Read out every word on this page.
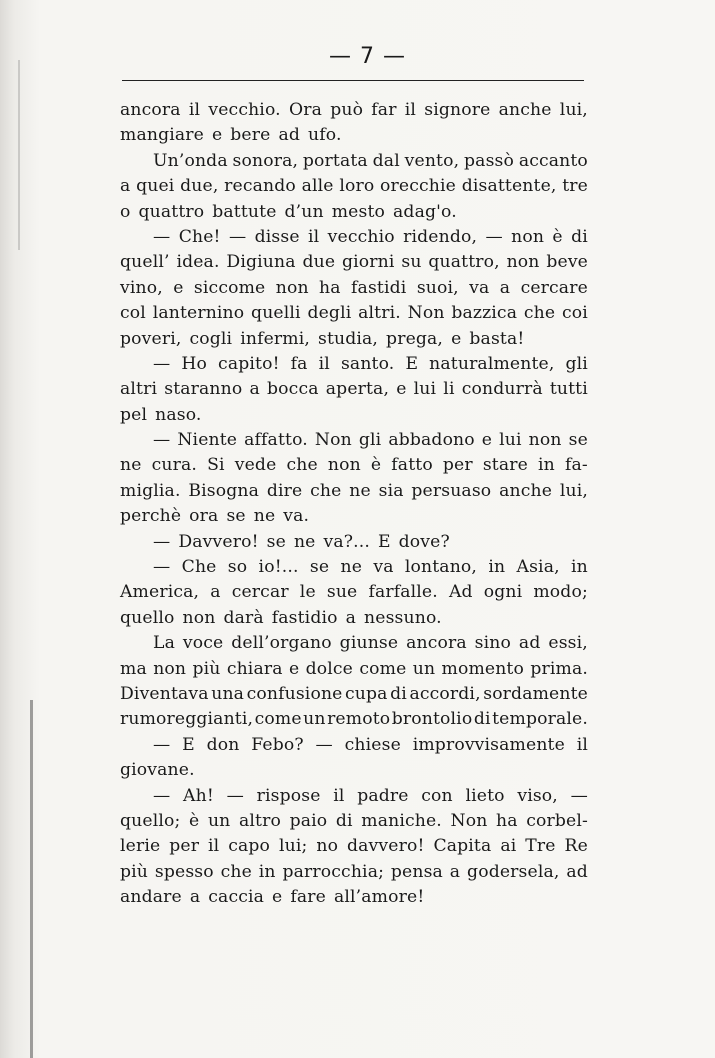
— 7 —
ancora il vecchio. Ora può far il signore anche lui,
mangiare e bere ad ufo.
Un’onda sonora, portata dal vento, passò accanto
a quei due, recando alle loro orecchie disattente, tre
o quattro battute d’un mesto adag'o.
— Che! — disse il vecchio ridendo, — non è di
quell’ idea. Digiuna due giorni su quattro, non beve
vino, e siccome non ha fastidi suoi, va a cercare
col lanternino quelli degli altri. Non bazzica che coi
poveri, cogli infermi, studia, prega, e basta!
— Ho capito! fa il santo. E naturalmente, gli
altri staranno a bocca aperta, e lui li condurrà tutti
pel naso.
— Niente affatto. Non gli abbadono e lui non se
ne cura. Si vede che non è fatto per stare in fa-
miglia. Bisogna dire che ne sia persuaso anche lui,
perchè ora se ne va.
— Davvero! se ne va?... E dove?
— Che so io!... se ne va lontano, in Asia, in
America, a cercar le sue farfalle. Ad ogni modo;
quello non darà fastidio a nessuno.
La voce dell’organo giunse ancora sino ad essi,
ma non più chiara e dolce come un momento prima.
Diventava una confusione cupa di accordi, sordamente
rumoreggianti, come un remoto brontolio di temporale.
— E don Febo? — chiese improvvisamente il
giovane.
— Ah! — rispose il padre con lieto viso, —
quello; è un altro paio di maniche. Non ha corbel-
lerie per il capo lui; no davvero! Capita ai Tre Re
più spesso che in parrocchia; pensa a godersela, ad
andare a caccia e fare all’amore!
